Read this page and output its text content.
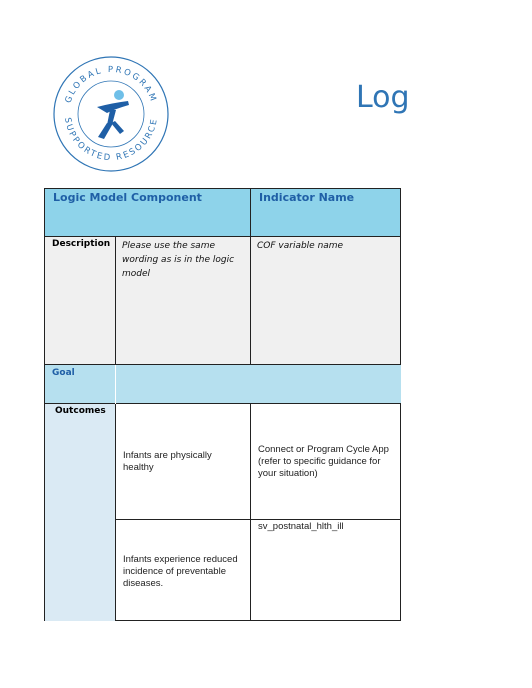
GLOBAL PROGRAM
SUPPORTED RESOURCE
Log
Logic Model Component		Indicator Name

Description	Please use the same wording as is in the logic model	COF variable name

Goal		

Outcomes	Infants are physically healthy	Connect or Program Cycle App (refer to specific guidance for your situation)

	Infants experience reduced incidence of preventable diseases.	sv_postnatal_hlth_ill
